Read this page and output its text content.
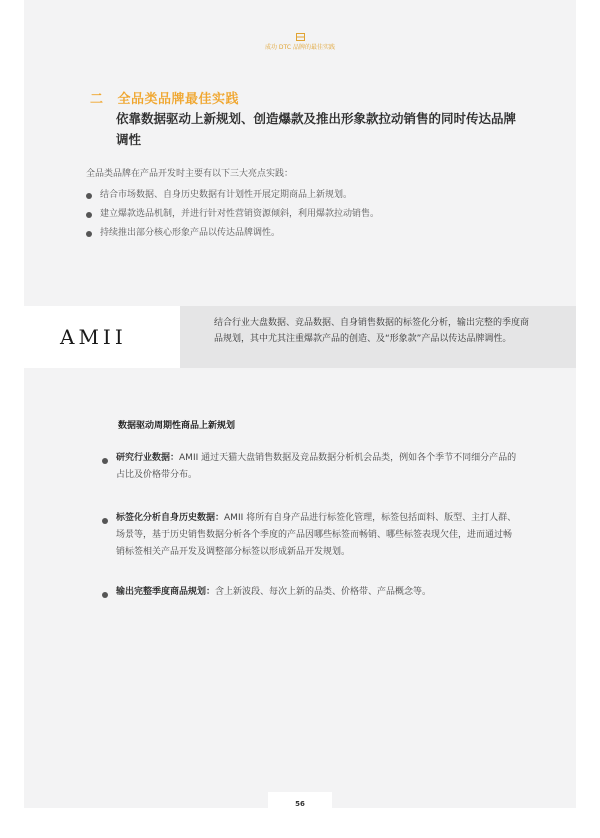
成功 DTC 品牌的最佳实践
二 全品类品牌最佳实践
依靠数据驱动上新规划、创造爆款及推出形象款拉动销售的同时传达品牌调性
全品类品牌在产品开发时主要有以下三大亮点实践：
结合市场数据、自身历史数据有计划性开展定期商品上新规划。
建立爆款选品机制，并进行针对性营销资源倾斜，利用爆款拉动销售。
持续推出部分核心形象产品以传达品牌调性。
AMII
结合行业大盘数据、竞品数据、自身销售数据的标签化分析，输出完整的季度商品规划，其中尤其注重爆款产品的创造、及“形象款”产品以传达品牌调性。
数据驱动周期性商品上新规划
研究行业数据：AMII 通过天猫大盘销售数据及竞品数据分析机会品类，例如各个季节不同细分产品的占比及价格带分布。
标签化分析自身历史数据：AMII 将所有自身产品进行标签化管理，标签包括面料、版型、主打人群、场景等，基于历史销售数据分析各个季度的产品因哪些标签而畅销、哪些标签表现欠佳，进而通过畅销标签相关产品开发及调整部分标签以形成新品开发规划。
输出完整季度商品规划：含上新波段、每次上新的品类、价格带、产品概念等。
56
